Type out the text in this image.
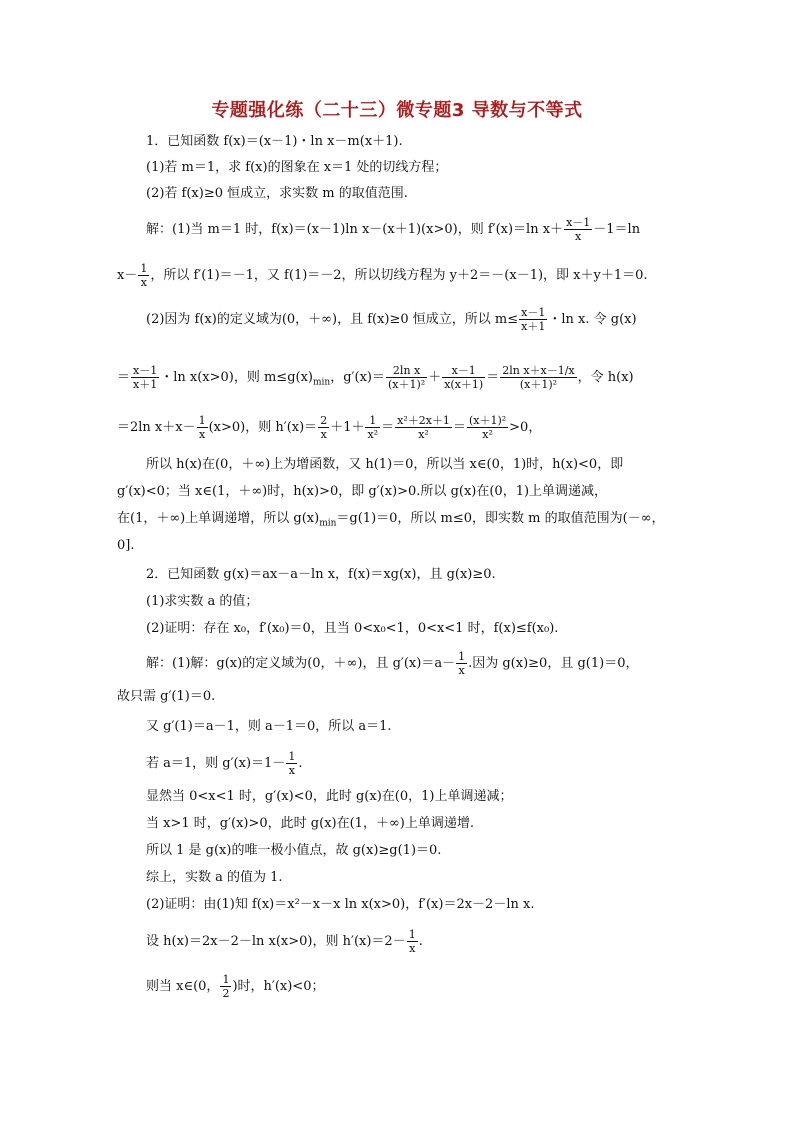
专题强化练（二十三）微专题3 导数与不等式
1．已知函数 f(x)＝(x－1)・ln x－m(x＋1).
(1)若 m＝1，求 f(x)的图象在 x＝1 处的切线方程；
(2)若 f(x)≥0 恒成立，求实数 m 的取值范围.
解：(1)当 m＝1 时，f(x)＝(x－1)ln x－(x＋1)(x>0)，则 f′(x)＝ln $x+ \frac{x-1}{x} -1=\ln$
$x- \frac{1}{x}$ ，所以 f′(1)＝－1，又 f(1)＝－2，所以切线方程为 y＋2＝－(x－1)，即 x＋y＋1＝0.
(2)因为 f(x)的定义域为(0，＋∞)，且 f(x)≥0 恒成立，所以 $m\le \frac{x-1}{x+1}$ ・ln x. 令 g(x)
＝ $\frac{x-1}{x+1}$ ・ln x(x>0)，则 $m\le g(x)_{min}$，$g'(x)= \frac{\text{2ln x}}{\text{(x＋1)²}} + \frac{x-1}{x(x+1)} = \frac{\text{2ln x＋x－1/x}}{\text{(x＋1)²}}$ ，令 h(x)
＝2ln $x+x- \frac{1}{x} (x>0)$，则 $h'(x)= \frac{2}{x} +1+ \frac{1}{\text{x²}} = \frac{\text{x²＋2x＋1}}{\text{x²}} = \frac{\text{(x＋1)²}}{\text{x²}} >0$，
所以 h(x)在(0，＋∞)上为增函数，又 h(1)＝0，所以当 x∈(0，1)时，h(x)<0，即
g′(x)<0；当 x∈(1，＋∞)时，h(x)>0，即 g′(x)>0.所以 g(x)在(0，1)上单调递减，
在(1，＋∞)上单调递增，所以 $g(x)_{min}=g(1)=0$，所以 m≤0，即实数 m 的取值范围为(－∞，
0].
2．已知函数 g(x)＝ax－a－ln x，f(x)＝xg(x)，且 g(x)≥0.
(1)求实数 a 的值；
(2)证明：存在 x₀，f′(x₀)＝0，且当 0<x₀<1，0<x<1 时，f(x)≤f(x₀).
解：(1)解：g(x)的定义域为(0，＋∞)，且 $g'(x)=a- \frac{1}{x}$ .因为 g(x)≥0，且 g(1)＝0，
故只需 g′(1)＝0.
又 g′(1)＝a－1，则 a－1＝0，所以 a＝1.
若 a＝1，则 $g'(x)=1- \frac{1}{x}$ .
显然当 0<x<1 时，g′(x)<0，此时 g(x)在(0，1)上单调递减；
当 x>1 时，g′(x)>0，此时 g(x)在(1，＋∞)上单调递增.
所以 1 是 g(x)的唯一极小值点，故 g(x)≥g(1)＝0.
综上，实数 a 的值为 1.
(2)证明：由(1)知 f(x)＝x²－x－x ln x(x>0)，f′(x)＝2x－2－ln x.
设 h(x)＝2x－2－ln x(x>0)，则 $h'(x)=2- \frac{1}{x}$ .
则当 x∈(0， $\frac{1}{2}$ )时，h′(x)<0；
